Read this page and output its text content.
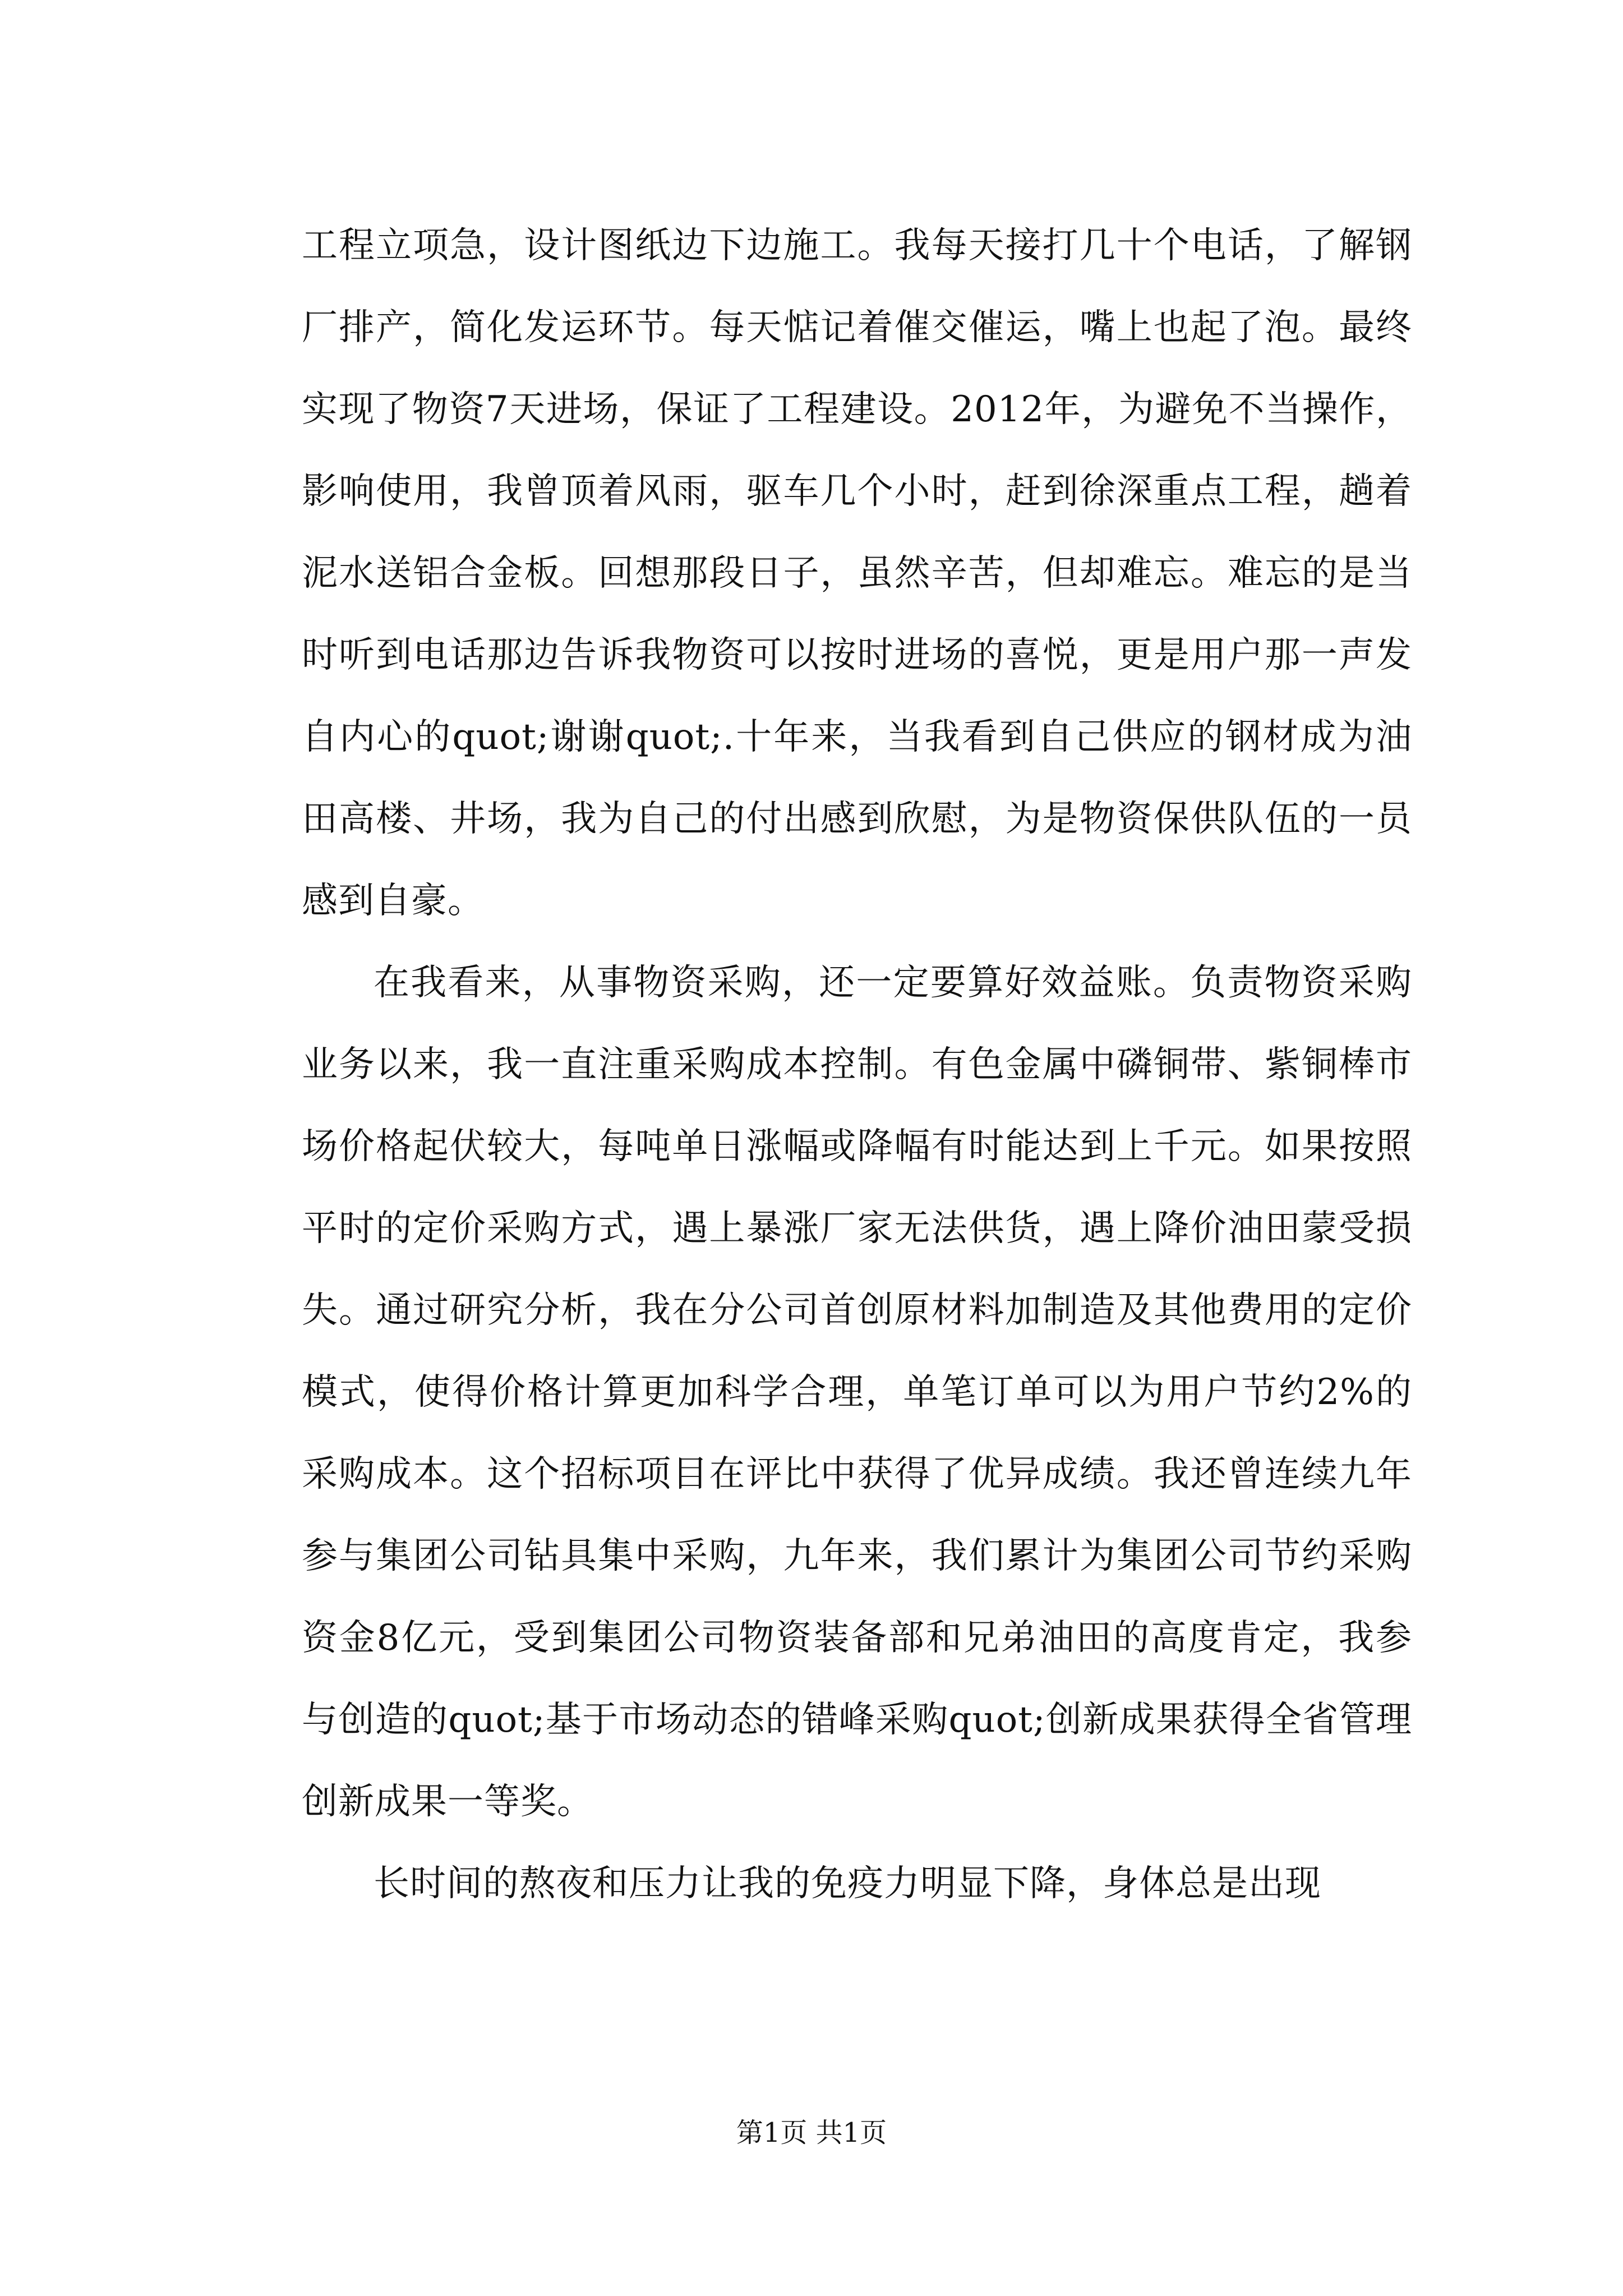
工程立项急，设计图纸边下边施工。我每天接打几十个电话，了解钢厂排产，简化发运环节。每天惦记着催交催运，嘴上也起了泡。最终实现了物资7天进场，保证了工程建设。2012年，为避免不当操作，影响使用，我曾顶着风雨，驱车几个小时，赶到徐深重点工程，趟着泥水送铝合金板。回想那段日子，虽然辛苦，但却难忘。难忘的是当时听到电话那边告诉我物资可以按时进场的喜悦，更是用户那一声发自内心的quot;谢谢quot;.十年来，当我看到自己供应的钢材成为油田高楼、井场，我为自己的付出感到欣慰，为是物资保供队伍的一员感到自豪。

在我看来，从事物资采购，还一定要算好效益账。负责物资采购业务以来，我一直注重采购成本控制。有色金属中磷铜带、紫铜棒市场价格起伏较大，每吨单日涨幅或降幅有时能达到上千元。如果按照平时的定价采购方式，遇上暴涨厂家无法供货，遇上降价油田蒙受损失。通过研究分析，我在分公司首创原材料加制造及其他费用的定价模式，使得价格计算更加科学合理，单笔订单可以为用户节约2%的采购成本。这个招标项目在评比中获得了优异成绩。我还曾连续九年参与集团公司钻具集中采购，九年来，我们累计为集团公司节约采购资金8亿元，受到集团公司物资装备部和兄弟油田的高度肯定，我参与创造的quot;基于市场动态的错峰采购quot;创新成果获得全省管理创新成果一等奖。

长时间的熬夜和压力让我的免疫力明显下降，身体总是出现

第1页 共1页
